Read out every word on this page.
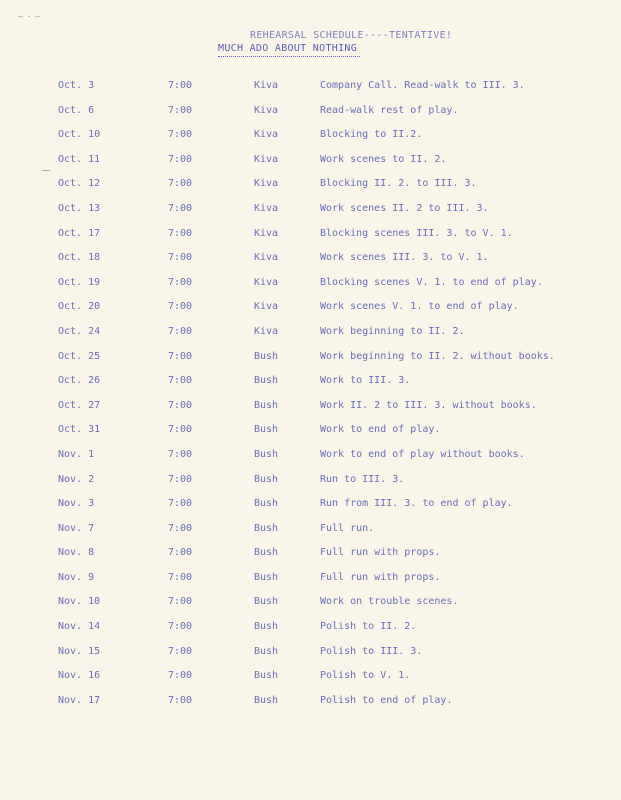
— · —
REHEARSAL SCHEDULE----TENTATIVE!
MUCH ADO ABOUT NOTHING
Oct. 3	7:00	Kiva	Company Call. Read-walk to III. 3.
Oct. 6	7:00	Kiva	Read-walk rest of play.
Oct. 10	7:00	Kiva	Blocking to II.2.
Oct. 11	7:00	Kiva	Work scenes to II. 2.
Oct. 12	7:00	Kiva	Blocking II. 2. to III. 3.
Oct. 13	7:00	Kiva	Work scenes II. 2 to III. 3.
Oct. 17	7:00	Kiva	Blocking scenes III. 3. to V. 1.
Oct. 18	7:00	Kiva	Work scenes III. 3. to V. 1.
Oct. 19	7:00	Kiva	Blocking scenes V. 1. to end of play.
Oct. 20	7:00	Kiva	Work scenes V. 1. to end of play.
Oct. 24	7:00	Kiva	Work beginning to II. 2.
Oct. 25	7:00	Bush	Work beginning to II. 2. without books.
Oct. 26	7:00	Bush	Work to III. 3.
Oct. 27	7:00	Bush	Work II. 2 to III. 3. without books.
Oct. 31	7:00	Bush	Work to end of play.
Nov. 1	7:00	Bush	Work to end of play without books.
Nov. 2	7:00	Bush	Run to III. 3.
Nov. 3	7:00	Bush	Run from III. 3. to end of play.
Nov. 7	7:00	Bush	Full run.
Nov. 8	7:00	Bush	Full run with props.
Nov. 9	7:00	Bush	Full run with props.
Nov. 10	7:00	Bush	Work on trouble scenes.
Nov. 14	7:00	Bush	Polish to II. 2.
Nov. 15	7:00	Bush	Polish to III. 3.
Nov. 16	7:00	Bush	Polish to V. 1.
Nov. 17	7:00	Bush	Polish to end of play.
